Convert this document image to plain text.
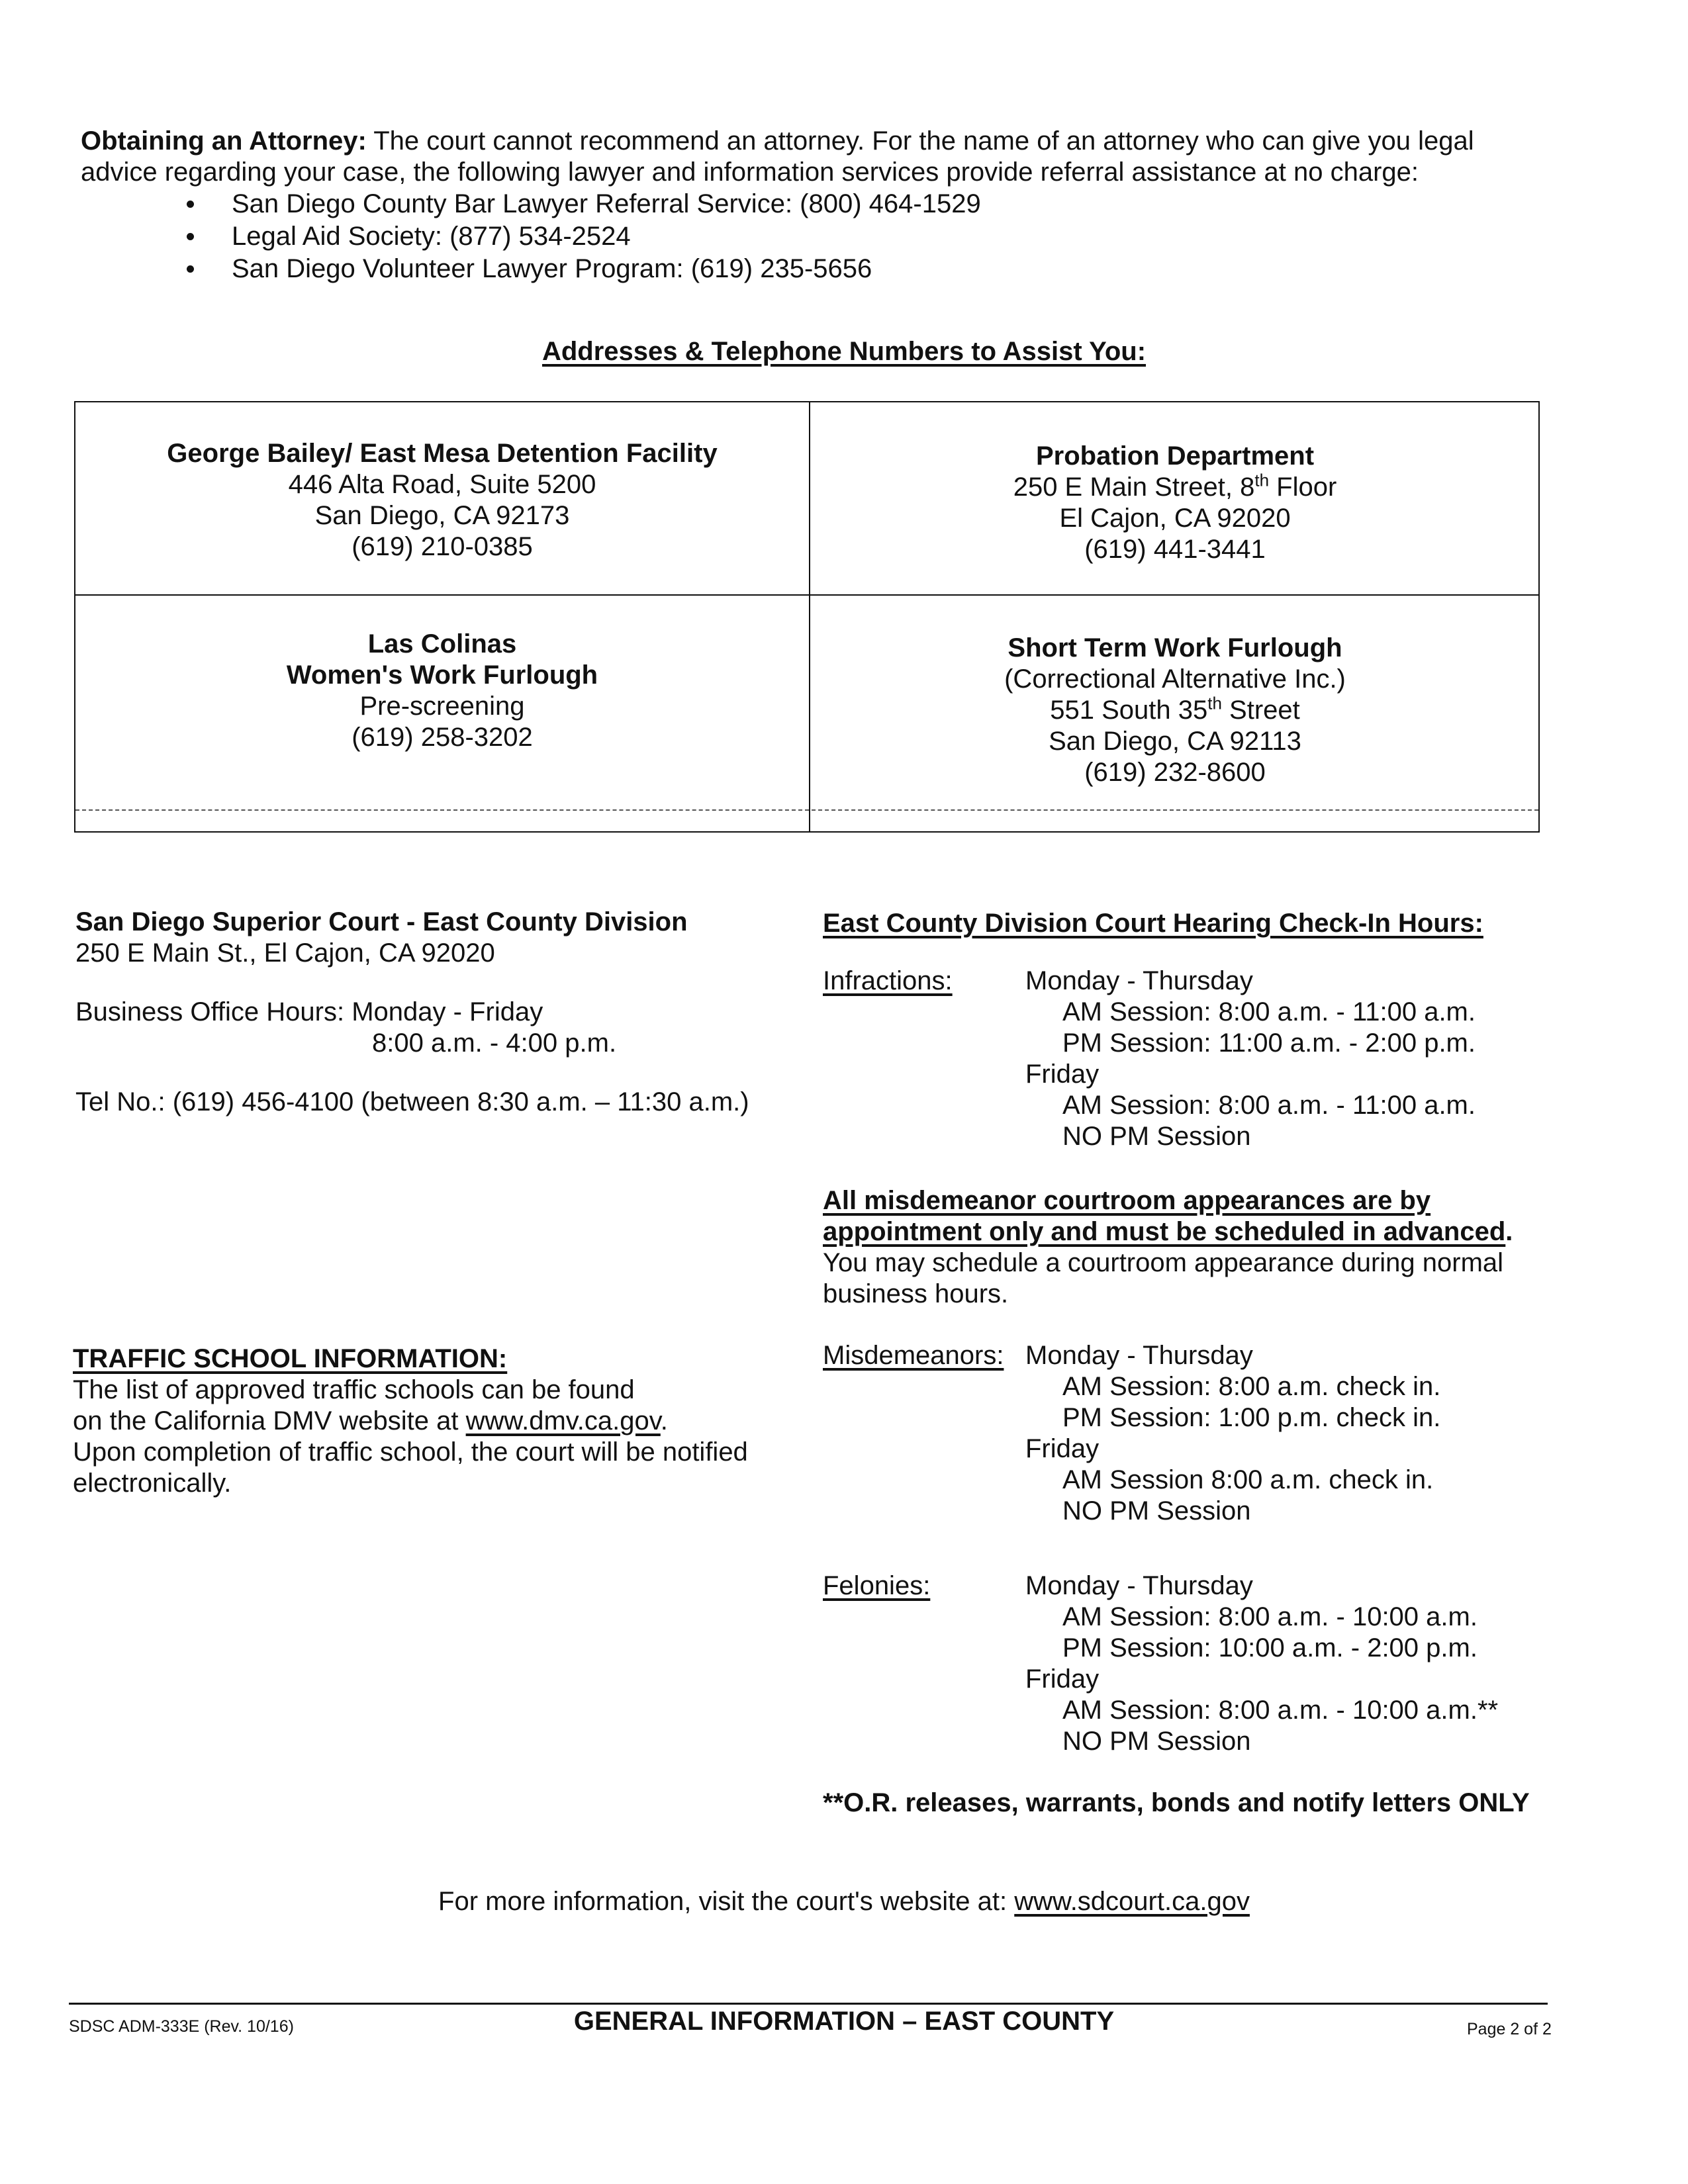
Obtaining an Attorney: The court cannot recommend an attorney. For the name of an attorney who can give you legal
advice regarding your case, the following lawyer and information services provide referral assistance at no charge:

San Diego County Bar Lawyer Referral Service: (800) 464-1529
Legal Aid Society: (877) 534-2524
San Diego Volunteer Lawyer Program: (619) 235-5656
Addresses & Telephone Numbers to Assist You:
George Bailey/ East Mesa Detention Facility
446 Alta Road, Suite 5200
San Diego, CA 92173
(619) 210-0385
Probation Department
250 E Main Street, 8th Floor
El Cajon, CA 92020
(619) 441-3441
Las Colinas
Women's Work Furlough
Pre-screening
(619) 258-3202
Short Term Work Furlough
(Correctional Alternative Inc.)
551 South 35th Street
San Diego, CA 92113
(619) 232-8600
San Diego Superior Court - East County Division
250 E Main St., El Cajon, CA 92020
Business Office Hours: Monday - Friday
8:00 a.m. - 4:00 p.m.
Tel No.: (619) 456-4100 (between 8:30 a.m. – 11:30 a.m.)
TRAFFIC SCHOOL INFORMATION:
The list of approved traffic schools can be found
on the California DMV website at www.dmv.ca.gov.
Upon completion of traffic school, the court will be notified
electronically.
East County Division Court Hearing Check-In Hours:
Infractions:	Monday - Thursday
AM Session: 8:00 a.m. - 11:00 a.m.
PM Session: 11:00 a.m. - 2:00 p.m.
Friday
AM Session: 8:00 a.m. - 11:00 a.m.
NO PM Session
All misdemeanor courtroom appearances are by
appointment only and must be scheduled in advanced.
You may schedule a courtroom appearance during normal
business hours.
Misdemeanors: Monday - Thursday
AM Session: 8:00 a.m. check in.
PM Session: 1:00 p.m. check in.
Friday
AM Session 8:00 a.m. check in.
NO PM Session
Felonies:	Monday - Thursday
AM Session: 8:00 a.m. - 10:00 a.m.
PM Session: 10:00 a.m. - 2:00 p.m.
Friday
AM Session: 8:00 a.m. - 10:00 a.m.**
NO PM Session
**O.R. releases, warrants, bonds and notify letters ONLY
For more information, visit the court's website at: www.sdcourt.ca.gov
SDSC ADM-333E (Rev. 10/16)	GENERAL INFORMATION – EAST COUNTY	Page 2 of 2
